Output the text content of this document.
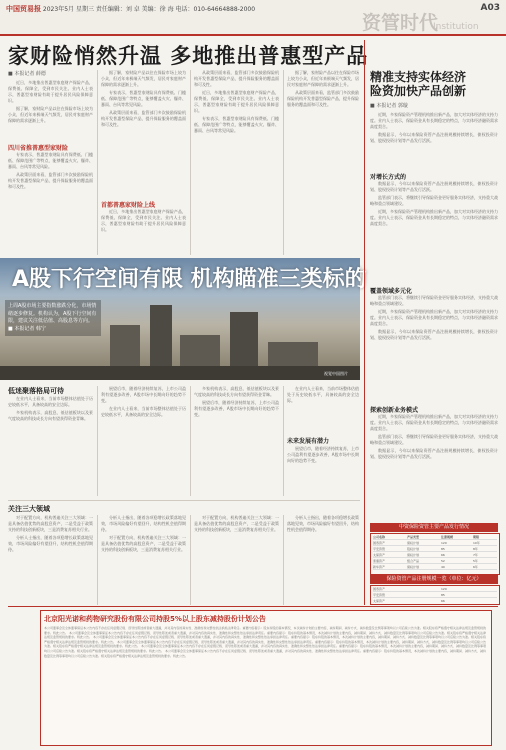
中国贸易报 2023年5月 星期三 责任编辑：刘 卓 美编：徐 海 电话：010-64664888-2000
资管时代
Institution
A03
家财险悄然升温 多地推出普惠型产品
■ 本报记者 薛德

近日，多地推出普惠型家庭财产保险产品，保费低、保障全，受到市民关注。业内人士表示，普惠型家财险有助于提升居民风险保障意识。

据了解，家财险产品以往在保险市场上较为小众，但近年来极端天气频发，居民对家庭财产保障的需求逐渐上升。

四川省推普惠型家财险

专家表示，普惠型家财险具有保费低、门槛低、保障范围广等特点，能够覆盖火灾、爆炸、暴雨、台风等常见风险。

从政策层面来看，监管部门多次鼓励保险机构开发普惠型保险产品，提升保险服务的覆盖面和可及性。

据了解，家财险产品以往在保险市场上较为小众，但近年来极端天气频发，居民对家庭财产保障的需求逐渐上升。

专家表示，普惠型家财险具有保费低、门槛低、保障范围广等特点，能够覆盖火灾、爆炸、暴雨、台风等常见风险。

从政策层面来看，监管部门多次鼓励保险机构开发普惠型保险产品，提升保险服务的覆盖面和可及性。

首都普惠家财险上线

近日，多地推出普惠型家庭财产保险产品，保费低、保障全，受到市民关注。业内人士表示，普惠型家财险有助于提升居民风险保障意识。

从政策层面来看，监管部门多次鼓励保险机构开发普惠型保险产品，提升保险服务的覆盖面和可及性。

近日，多地推出普惠型家庭财产保险产品，保费低、保障全，受到市民关注。业内人士表示，普惠型家财险有助于提升居民风险保障意识。

专家表示，普惠型家财险具有保费低、门槛低、保障范围广等特点，能够覆盖火灾、爆炸、暴雨、台风等常见风险。

据了解，家财险产品以往在保险市场上较为小众，但近年来极端天气频发，居民对家庭财产保障的需求逐渐上升。

从政策层面来看，监管部门多次鼓励保险机构开发普惠型保险产品，提升保险服务的覆盖面和可及性。

A股下行空间有限 机构瞄准三类标的
上周A股市场主要指数涨跌分化，市场情绪逐步修复。机构认为，A股下行空间有限，建议关注低估值、高股息等方向。
■ 本报记者 韩宁
视觉中国图片
低迷聚落格局可待

在业内人士看来，当前市场整体估值处于历史较低水平，具备较高的安全边际。

多家机构表示，高股息、低估值板块以及景气度较高的科技成长方向有望获得资金青睐。

展望后市，随着经济持续复苏，上市公司盈利有望逐步改善，A股市场中长期向好的趋势不变。

在业内人士看来，当前市场整体估值处于历史较低水平，具备较高的安全边际。

多家机构表示，高股息、低估值板块以及景气度较高的科技成长方向有望获得资金青睐。

展望后市，随着经济持续复苏，上市公司盈利有望逐步改善，A股市场中长期向好的趋势不变。

未来发展有潜力

在业内人士看来，当前市场整体估值处于历史较低水平，具备较高的安全边际。

展望后市，随着经济持续复苏，上市公司盈利有望逐步改善，A股市场中长期向好的趋势不变。

关注三大领域

对于配置方向，机构普遍关注三大领域：一是具备估值优势的高股息资产，二是受益于政策支持的科技创新板块，三是消费复苏相关行业。

分析人士指出，随着各项稳增长政策落地见效，市场风险偏好有望回升，结构性机会值得期待。

分析人士指出，随着各项稳增长政策落地见效，市场风险偏好有望回升，结构性机会值得期待。

对于配置方向，机构普遍关注三大领域：一是具备估值优势的高股息资产，二是受益于政策支持的科技创新板块，三是消费复苏相关行业。

对于配置方向，机构普遍关注三大领域：一是具备估值优势的高股息资产，二是受益于政策支持的科技创新板块，三是消费复苏相关行业。

分析人士指出，随着各项稳增长政策落地见效，市场风险偏好有望回升，结构性机会值得期待。

精准支持实体经济
险资加快产品创新
■ 本报记者 郭璇

近期，多家保险资产管理机构推出新产品，加大对实体经济的支持力度。业内人士表示，保险资金具有长期稳定的特点，与实体经济融资需求高度契合。

数据显示，今年以来保险资管产品注册规模持续增长，债权投资计划、股权投资计划等产品发行活跃。

对增长方式的

数据显示，今年以来保险资管产品注册规模持续增长，债权投资计划、股权投资计划等产品发行活跃。

监管部门表示，将继续引导保险资金更好服务实体经济，支持重大战略和重点领域建设。

近期，多家保险资产管理机构推出新产品，加大对实体经济的支持力度。业内人士表示，保险资金具有长期稳定的特点，与实体经济融资需求高度契合。

覆盖领域多元化

监管部门表示，将继续引导保险资金更好服务实体经济，支持重大战略和重点领域建设。

近期，多家保险资产管理机构推出新产品，加大对实体经济的支持力度。业内人士表示，保险资金具有长期稳定的特点，与实体经济融资需求高度契合。

数据显示，今年以来保险资管产品注册规模持续增长，债权投资计划、股权投资计划等产品发行活跃。

探索创新业务模式

近期，多家保险资产管理机构推出新产品，加大对实体经济的支持力度。业内人士表示，保险资金具有长期稳定的特点，与实体经济融资需求高度契合。

监管部门表示，将继续引导保险资金更好服务实体经济，支持重大战略和重点领域建设。

数据显示，今年以来保险资管产品注册规模持续增长，债权投资计划、股权投资计划等产品发行活跃。

中资保险资管主要产品发行情况
公司名称	产品类型	注册规模	期限
国寿资产	债权计划	120	10年
平安资管	股权计划	85	8年
太保资产	债权计划	66	7年
泰康资产	组合产品	52	5年
新华资产	债权计划	40	6年
保险资管产品注册规模一览（单位：亿元）
国寿资产	120
平安资管	85
太保资产	66
北京阳光诺和药物研究股份有限公司持股5%以上股东减持股份计划公告
本公司董事会及全体董事保证本公告内容不存在任何虚假记载、误导性陈述或者重大遗漏，并对其内容的真实性、准确性和完整性依法承担法律责任。重要内容提示：股东持股的基本情况，本次减持计划的主要内容，减持期间、减持方式、减持数量及比例等事项均以公司后续公告为准。相关股东将严格遵守相关法律法规及监管规则的要求。特此公告。 本公司董事会及全体董事保证本公告内容不存在任何虚假记载、误导性陈述或者重大遗漏，并对其内容的真实性、准确性和完整性依法承担法律责任。重要内容提示：股东持股的基本情况，本次减持计划的主要内容，减持期间、减持方式、减持数量及比例等事项均以公司后续公告为准。相关股东将严格遵守相关法律法规及监管规则的要求。特此公告。 本公司董事会及全体董事保证本公告内容不存在任何虚假记载、误导性陈述或者重大遗漏，并对其内容的真实性、准确性和完整性依法承担法律责任。重要内容提示：股东持股的基本情况，本次减持计划的主要内容，减持期间、减持方式、减持数量及比例等事项均以公司后续公告为准。相关股东将严格遵守相关法律法规及监管规则的要求。特此公告。 本公司董事会及全体董事保证本公告内容不存在任何虚假记载、误导性陈述或者重大遗漏，并对其内容的真实性、准确性和完整性依法承担法律责任。重要内容提示：股东持股的基本情况，本次减持计划的主要内容，减持期间、减持方式、减持数量及比例等事项均以公司后续公告为准。相关股东将严格遵守相关法律法规及监管规则的要求。特此公告。 本公司董事会及全体董事保证本公告内容不存在任何虚假记载、误导性陈述或者重大遗漏，并对其内容的真实性、准确性和完整性依法承担法律责任。重要内容提示：股东持股的基本情况，本次减持计划的主要内容，减持期间、减持方式、减持数量及比例等事项均以公司后续公告为准。相关股东将严格遵守相关法律法规及监管规则的要求。特此公告。 本公司董事会及全体董事保证本公告内容不存在任何虚假记载、误导性陈述或者重大遗漏，并对其内容的真实性、准确性和完整性依法承担法律责任。重要内容提示：股东持股的基本情况，本次减持计划的主要内容，减持期间、减持方式、减持数量及比例等事项均以公司后续公告为准。相关股东将严格遵守相关法律法规及监管规则的要求。特此公告。
